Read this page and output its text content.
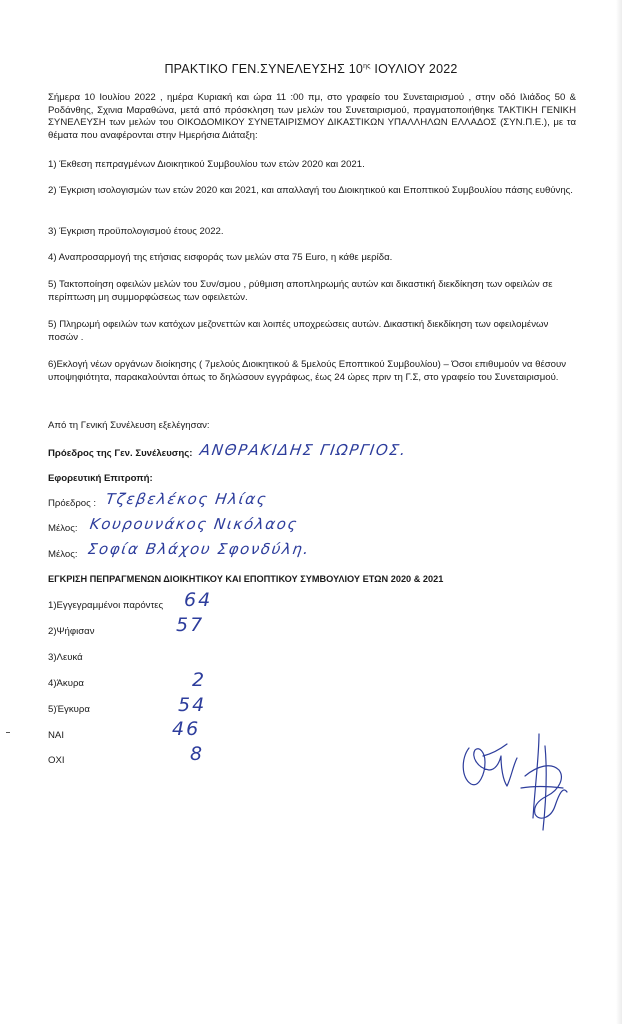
ΠΡΑΚΤΙΚΟ ΓΕΝ.ΣΥΝΕΛΕΥΣΗΣ $10^{\eta\varsigma}$ ΙΟΥΛΙΟΥ 2022
Σήμερα 10 Ιουλίου 2022 , ημέρα Κυριακή και ώρα 11 :00 πμ, στο γραφείο του Συνεταιρισμού , στην οδό Ιλιάδος 50 & Ροδάνθης, Σχινια Μαραθώνα, μετά από πρόσκληση των μελών του Συνεταιρισμού, πραγματοποιήθηκε ΤΑΚΤΙΚΗ ΓΕΝΙΚΗ ΣΥΝΕΛΕΥΣΗ των μελών του ΟΙΚΟΔΟΜΙΚΟΥ ΣΥΝΕΤΑΙΡΙΣΜΟΥ ΔΙΚΑΣΤΙΚΩΝ ΥΠΑΛΛΗΛΩΝ ΕΛΛΑΔΟΣ (ΣΥΝ.Π.Ε.), με τα θέματα που αναφέρονται στην Ημερήσια Διάταξη:
1) Έκθεση πεπραγμένων Διοικητικού Συμβουλίου των ετών 2020 και 2021.
2) Έγκριση ισολογισμών των ετών 2020 και 2021, και απαλλαγή του Διοικητικού και Εποπτικού Συμβουλίου πάσης ευθύνης.
3) Έγκριση προϋπολογισμού έτους 2022.
4) Αναπροσαρμογή της ετήσιας εισφοράς των μελών στα 75 Euro, η κάθε μερίδα.
5) Τακτοποίηση οφειλών μελών του Συν/σμου , ρύθμιση αποπληρωμής αυτών και δικαστική διεκδίκηση των οφειλών σε περίπτωση μη συμμορφώσεως των οφειλετών.
5) Πληρωμή οφειλών των κατόχων μεζονεττών και λοιπές υποχρεώσεις αυτών. Δικαστική διεκδίκηση των οφειλομένων ποσών .
6)Εκλογή νέων οργάνων διοίκησης ( 7μελούς Διοικητικού & 5μελούς Εποπτικού Συμβουλίου) – Όσοι επιθυμούν να θέσουν υποψηφιότητα, παρακαλούνται όπως το δηλώσουν εγγράφως, έως 24 ώρες πριν τη Γ.Σ, στο γραφείο του Συνεταιρισμού.
Από τη Γενική Συνέλευση εξελέγησαν:
Πρόεδρος της Γεν. Συνέλευσης: ΑΝΘΡΑΚΙΔΗΣ ΓΙΩΡΓΙΟΣ.
Εφορευτική Επιτροπή:
Πρόεδρος : Τζεβελέκος Ηλίας
Μέλος: Κουρουνάκος Νικόλαος
Μέλος: Σοφία Βλάχου Σφονδύλη.
ΕΓΚΡΙΣΗ ΠΕΠΡΑΓΜΕΝΩΝ ΔΙΟΙΚΗΤΙΚΟΥ ΚΑΙ ΕΠΟΠΤΙΚΟΥ ΣΥΜΒΟΥΛΙΟΥ ΕΤΩΝ 2020 & 2021
1)Εγγεγραμμένοι παρόντες 64
2)Ψήφισαν	57
3)Λευκά
4)Άκυρα	2
5)Έγκυρα	54
ΝΑΙ	46
ΟΧΙ	8
